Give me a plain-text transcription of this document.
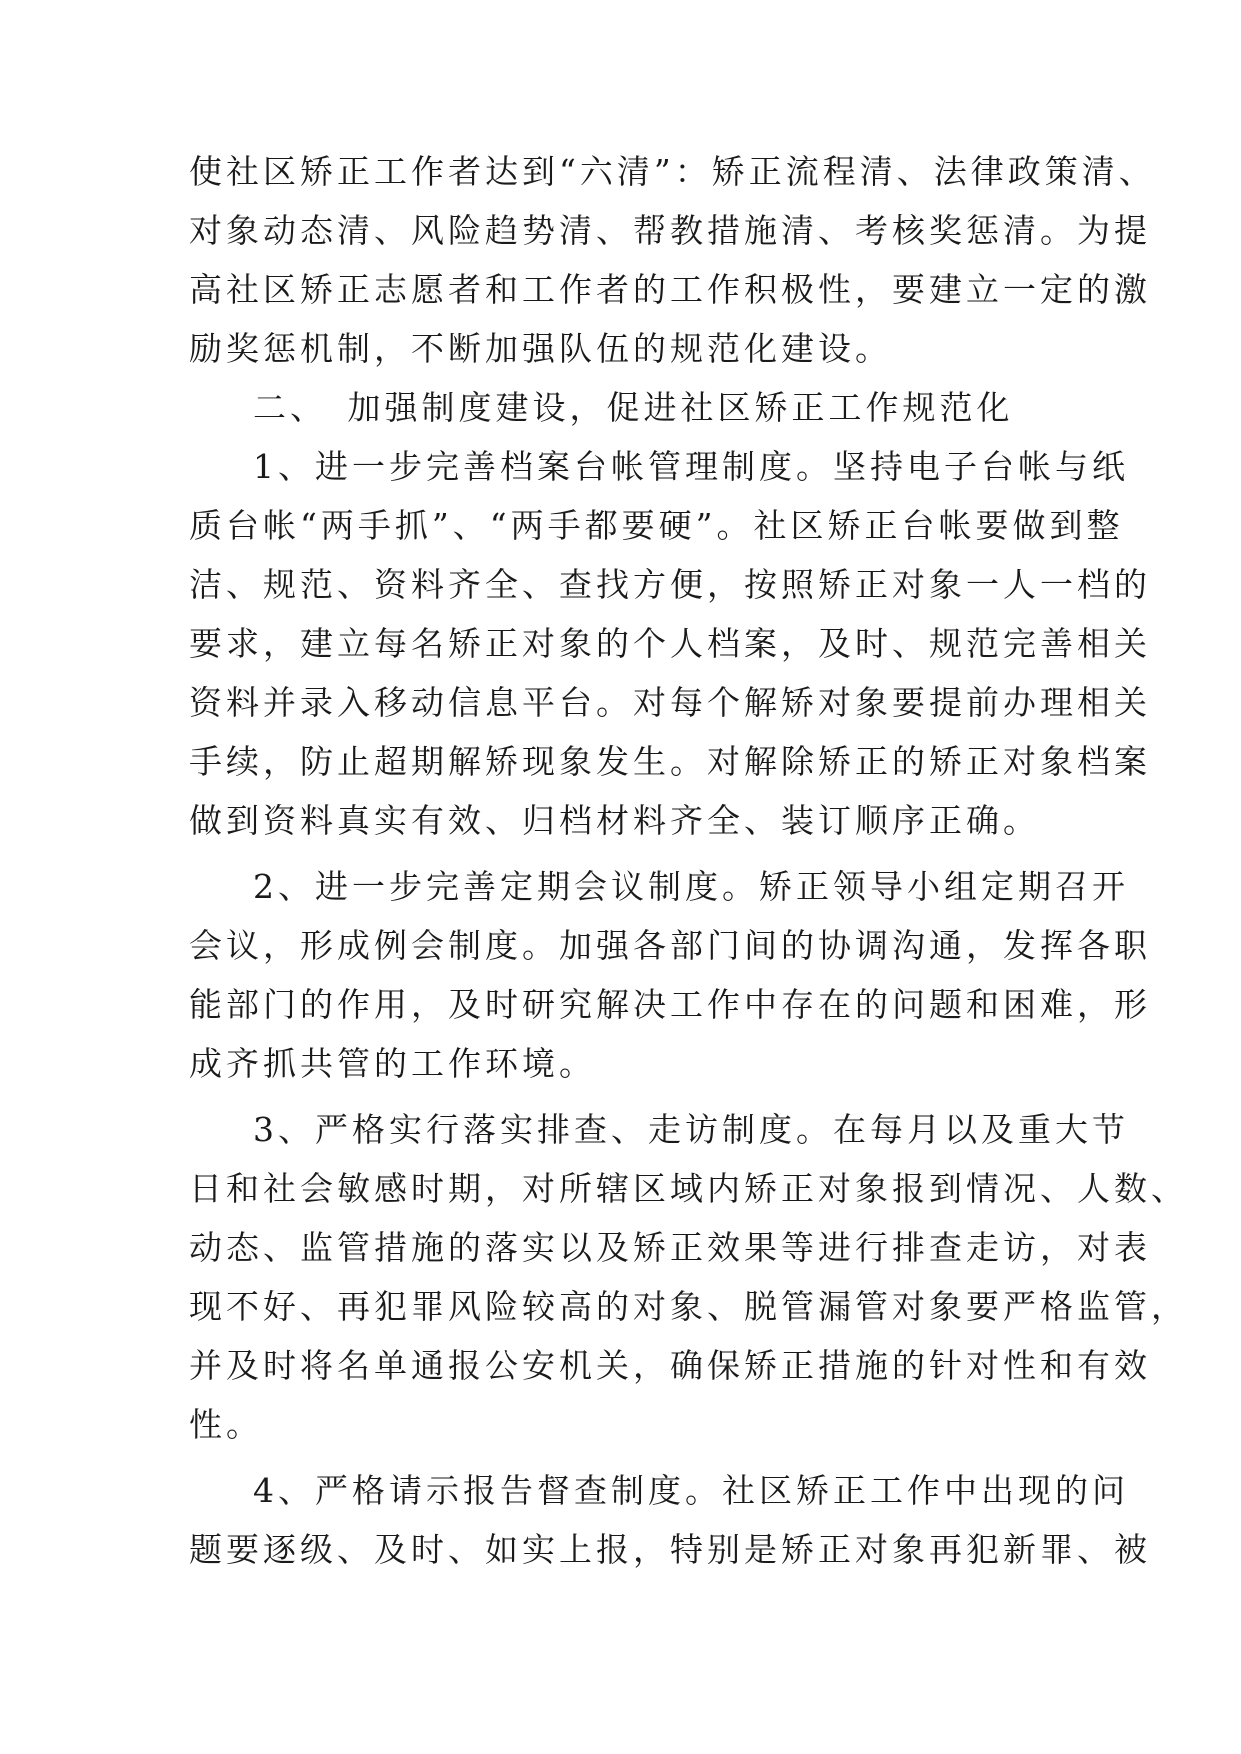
使社区矫正工作者达到“六清”：矫正流程清、法律政策清、
对象动态清、风险趋势清、帮教措施清、考核奖惩清。为提
高社区矫正志愿者和工作者的工作积极性，要建立一定的激
励奖惩机制，不断加强队伍的规范化建设。
二、　加强制度建设，促进社区矫正工作规范化
1、进一步完善档案台帐管理制度。坚持电子台帐与纸
质台帐“两手抓”、“两手都要硬”。社区矫正台帐要做到整
洁、规范、资料齐全、查找方便，按照矫正对象一人一档的
要求，建立每名矫正对象的个人档案，及时、规范完善相关
资料并录入移动信息平台。对每个解矫对象要提前办理相关
手续，防止超期解矫现象发生。对解除矫正的矫正对象档案
做到资料真实有效、归档材料齐全、装订顺序正确。
2、进一步完善定期会议制度。矫正领导小组定期召开
会议，形成例会制度。加强各部门间的协调沟通，发挥各职
能部门的作用，及时研究解决工作中存在的问题和困难，形
成齐抓共管的工作环境。
3、严格实行落实排查、走访制度。在每月以及重大节
日和社会敏感时期，对所辖区域内矫正对象报到情况、人数、
动态、监管措施的落实以及矫正效果等进行排查走访，对表
现不好、再犯罪风险较高的对象、脱管漏管对象要严格监管，
并及时将名单通报公安机关，确保矫正措施的针对性和有效
性。
4、严格请示报告督查制度。社区矫正工作中出现的问
题要逐级、及时、如实上报，特别是矫正对象再犯新罪、被
